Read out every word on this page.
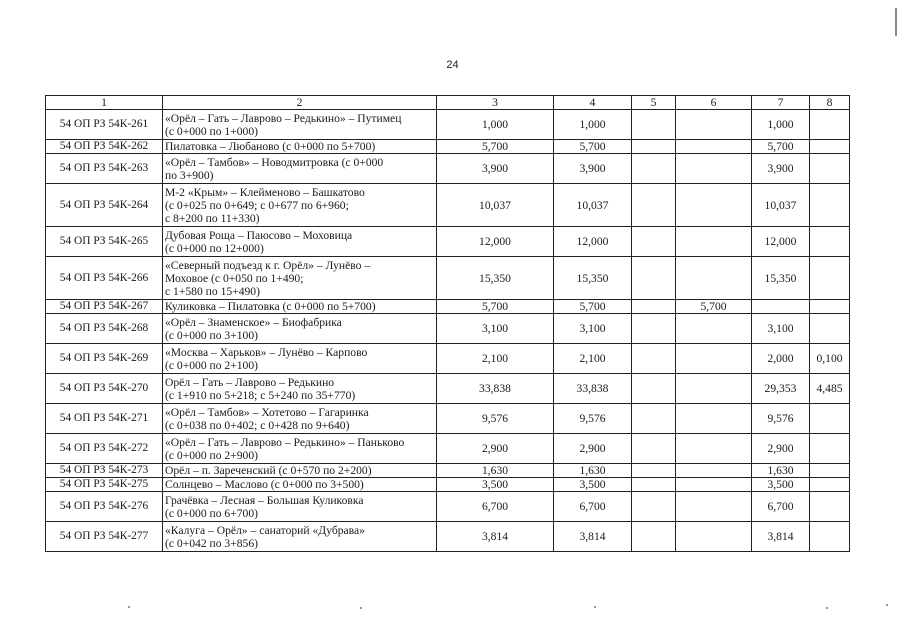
24
1	2	3	4	5	6	7	8
54 ОП РЗ 54К-261	«Орёл – Гать – Лаврово – Редькино» – Путимец
(с 0+000 по 1+000)	1,000	1,000			1,000	
54 ОП РЗ 54К-262	Пилатовка – Любаново (с 0+000 по 5+700)	5,700	5,700			5,700	
54 ОП РЗ 54К-263	«Орёл – Тамбов» – Новодмитровка (с 0+000
по 3+900)	3,900	3,900			3,900	
54 ОП РЗ 54К-264	М-2 «Крым» – Клейменово – Башкатово
(с 0+025 по 0+649; с 0+677 по 6+960;
с 8+200 по 11+330)	10,037	10,037			10,037	
54 ОП РЗ 54К-265	Дубовая Роща – Паюсово – Моховица
(с 0+000 по 12+000)	12,000	12,000			12,000	
54 ОП РЗ 54К-266	«Северный подъезд к г. Орёл» – Лунёво –
Моховое (с 0+050 по 1+490;
с 1+580 по 15+490)	15,350	15,350			15,350	
54 ОП РЗ 54К-267	Куликовка – Пилатовка (с 0+000 по 5+700)	5,700	5,700		5,700		
54 ОП РЗ 54К-268	«Орёл – Знаменское» – Биофабрика
(с 0+000 по 3+100)	3,100	3,100			3,100	
54 ОП РЗ 54К-269	«Москва – Харьков» – Лунёво – Карпово
(с 0+000 по 2+100)	2,100	2,100			2,000	0,100
54 ОП РЗ 54К-270	Орёл – Гать – Лаврово – Редькино
(с 1+910 по 5+218; с 5+240 по 35+770)	33,838	33,838			29,353	4,485
54 ОП РЗ 54К-271	«Орёл – Тамбов» – Хотетово – Гагаринка
(с 0+038 по 0+402; с 0+428 по 9+640)	9,576	9,576			9,576	
54 ОП РЗ 54К-272	«Орёл – Гать – Лаврово – Редькино» – Паньково
(с 0+000 по 2+900)	2,900	2,900			2,900	
54 ОП РЗ 54К-273	Орёл – п. Зареченский (с 0+570 по 2+200)	1,630	1,630			1,630	
54 ОП РЗ 54К-275	Солнцево – Маслово (с 0+000 по 3+500)	3,500	3,500			3,500	
54 ОП РЗ 54К-276	Грачёвка – Лесная – Большая Куликовка
(с 0+000 по 6+700)	6,700	6,700			6,700	
54 ОП РЗ 54К-277	«Калуга – Орёл» – санаторий «Дубрава»
(с 0+042 по 3+856)	3,814	3,814			3,814	
